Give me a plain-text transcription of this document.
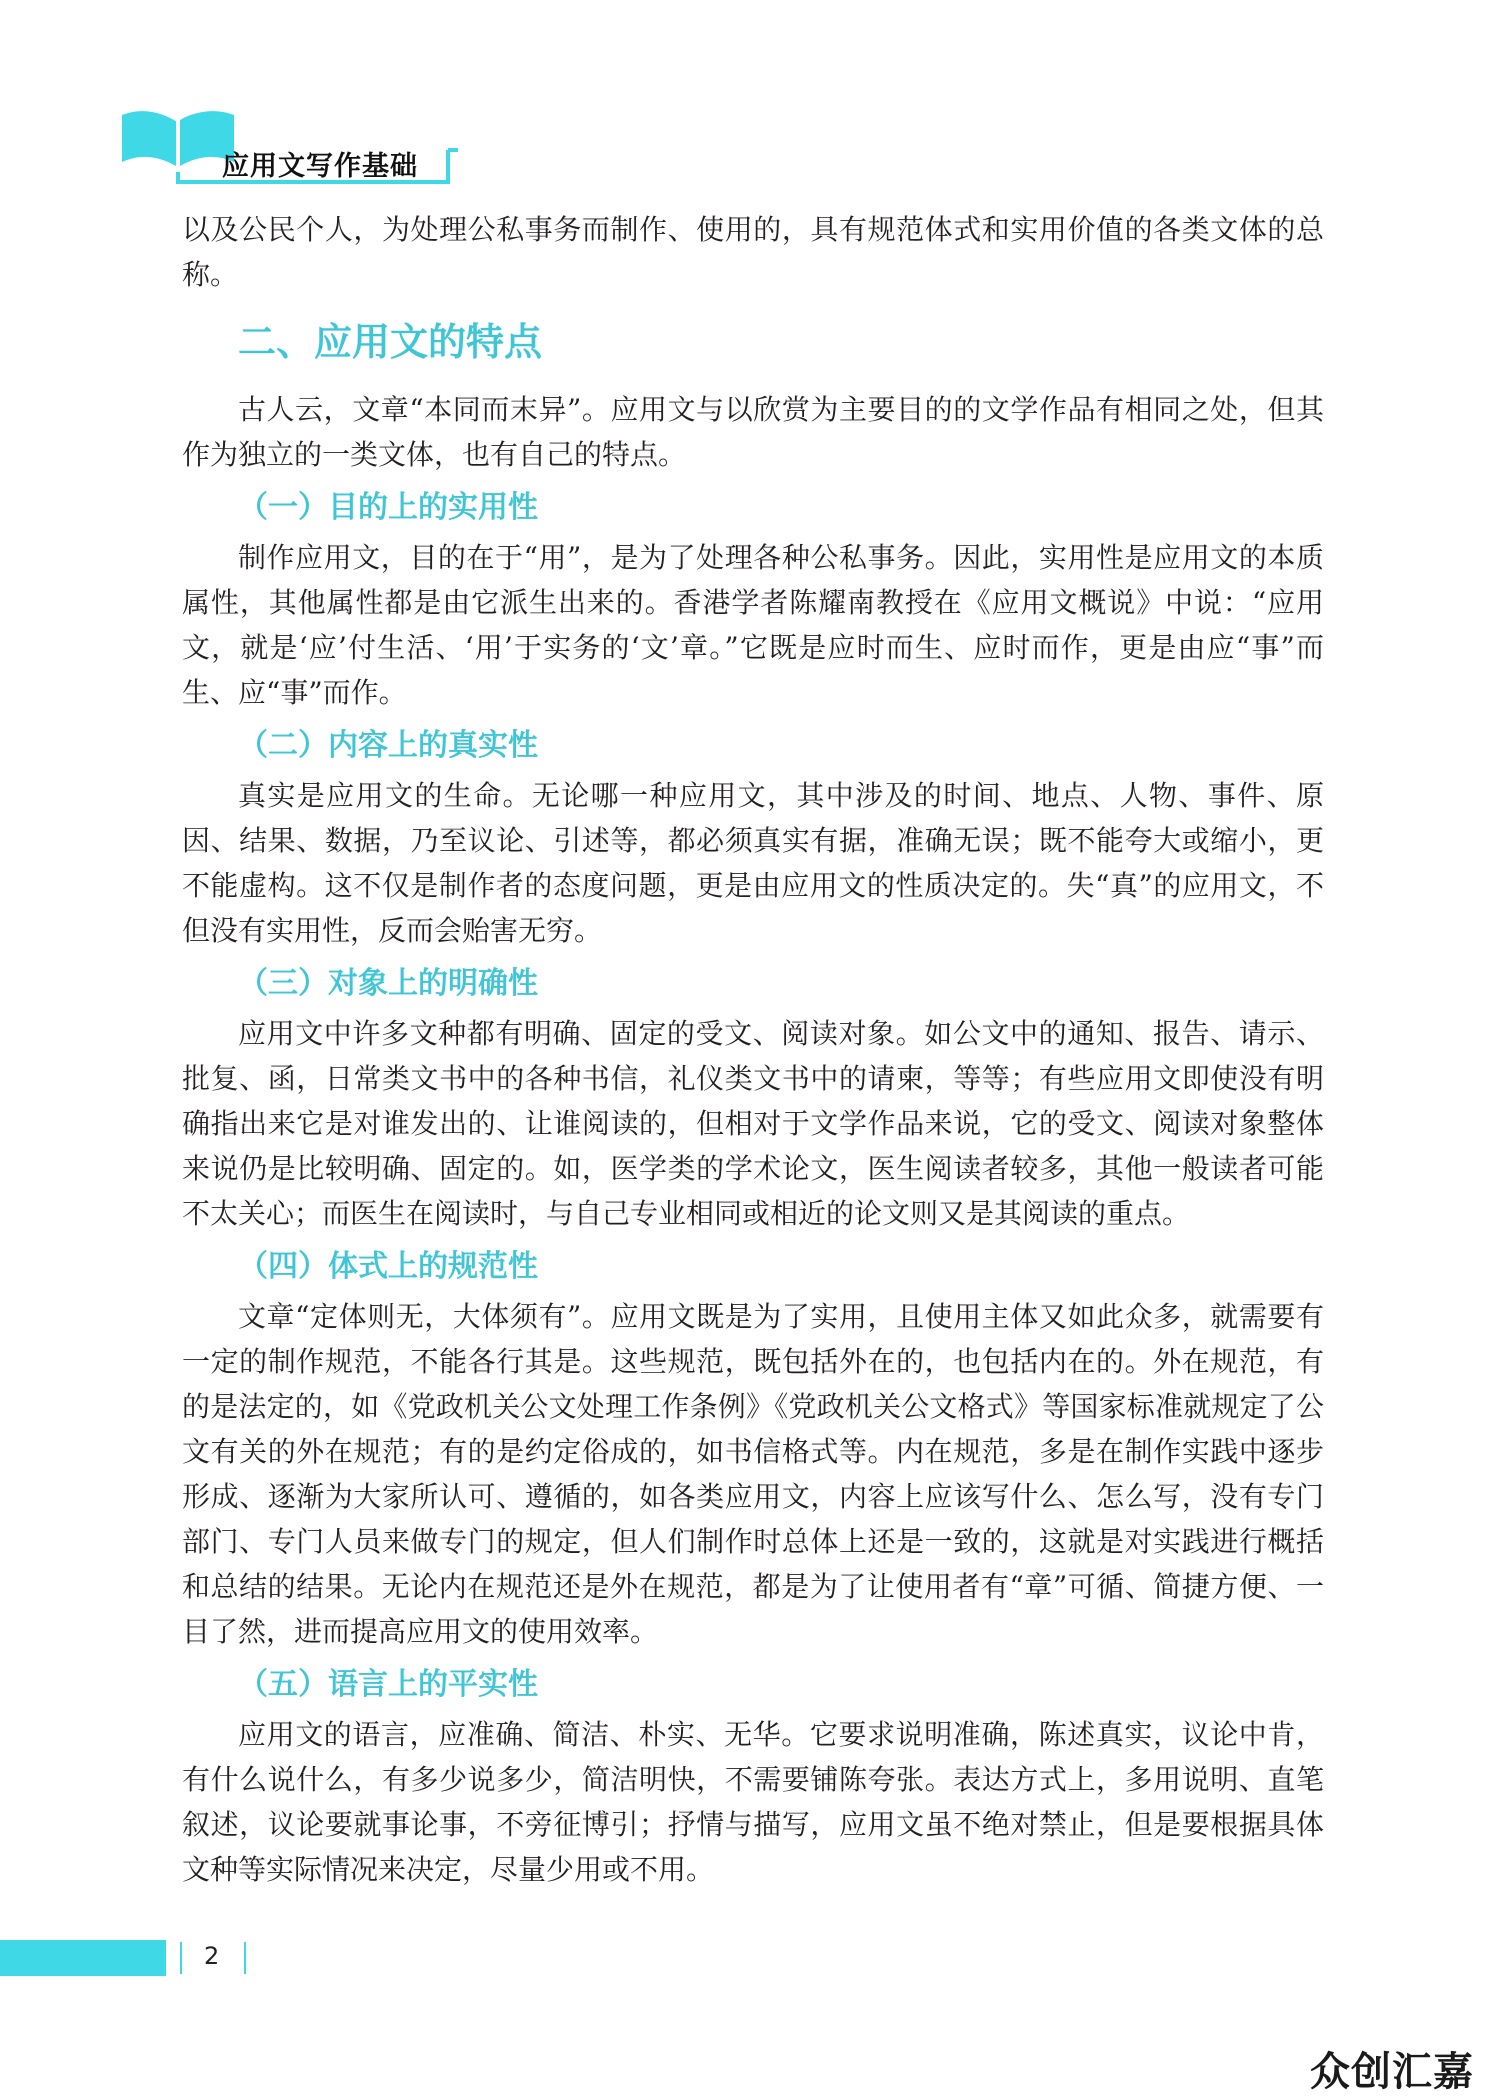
应用文写作基础

以及公民个人，为处理公私事务而制作、使用的，具有规范体式和实用价值的各类文体的总称。

二、应用文的特点

古人云，文章“本同而末异”。应用文与以欣赏为主要目的的文学作品有相同之处，但其作为独立的一类文体，也有自己的特点。

（一）目的上的实用性

制作应用文，目的在于“用”，是为了处理各种公私事务。因此，实用性是应用文的本质属性，其他属性都是由它派生出来的。香港学者陈耀南教授在《应用文概说》中说：“应用文，就是‘应’付生活、‘用’于实务的‘文’章。”它既是应时而生、应时而作，更是由应“事”而生、应“事”而作。

（二）内容上的真实性

真实是应用文的生命。无论哪一种应用文，其中涉及的时间、地点、人物、事件、原因、结果、数据，乃至议论、引述等，都必须真实有据，准确无误；既不能夸大或缩小，更不能虚构。这不仅是制作者的态度问题，更是由应用文的性质决定的。失“真”的应用文，不但没有实用性，反而会贻害无穷。

（三）对象上的明确性

应用文中许多文种都有明确、固定的受文、阅读对象。如公文中的通知、报告、请示、批复、函，日常类文书中的各种书信，礼仪类文书中的请柬，等等；有些应用文即使没有明确指出来它是对谁发出的、让谁阅读的，但相对于文学作品来说，它的受文、阅读对象整体来说仍是比较明确、固定的。如，医学类的学术论文，医生阅读者较多，其他一般读者可能不太关心；而医生在阅读时，与自己专业相同或相近的论文则又是其阅读的重点。

（四）体式上的规范性

文章“定体则无，大体须有”。应用文既是为了实用，且使用主体又如此众多，就需要有一定的制作规范，不能各行其是。这些规范，既包括外在的，也包括内在的。外在规范，有的是法定的，如《党政机关公文处理工作条例》《党政机关公文格式》等国家标准就规定了公文有关的外在规范；有的是约定俗成的，如书信格式等。内在规范，多是在制作实践中逐步形成、逐渐为大家所认可、遵循的，如各类应用文，内容上应该写什么、怎么写，没有专门部门、专门人员来做专门的规定，但人们制作时总体上还是一致的，这就是对实践进行概括和总结的结果。无论内在规范还是外在规范，都是为了让使用者有“章”可循、简捷方便、一目了然，进而提高应用文的使用效率。

（五）语言上的平实性

应用文的语言，应准确、简洁、朴实、无华。它要求说明准确，陈述真实，议论中肯，有什么说什么，有多少说多少，简洁明快，不需要铺陈夸张。表达方式上，多用说明、直笔叙述，议论要就事论事，不旁征博引；抒情与描写，应用文虽不绝对禁止，但是要根据具体文种等实际情况来决定，尽量少用或不用。

2
众创汇嘉
